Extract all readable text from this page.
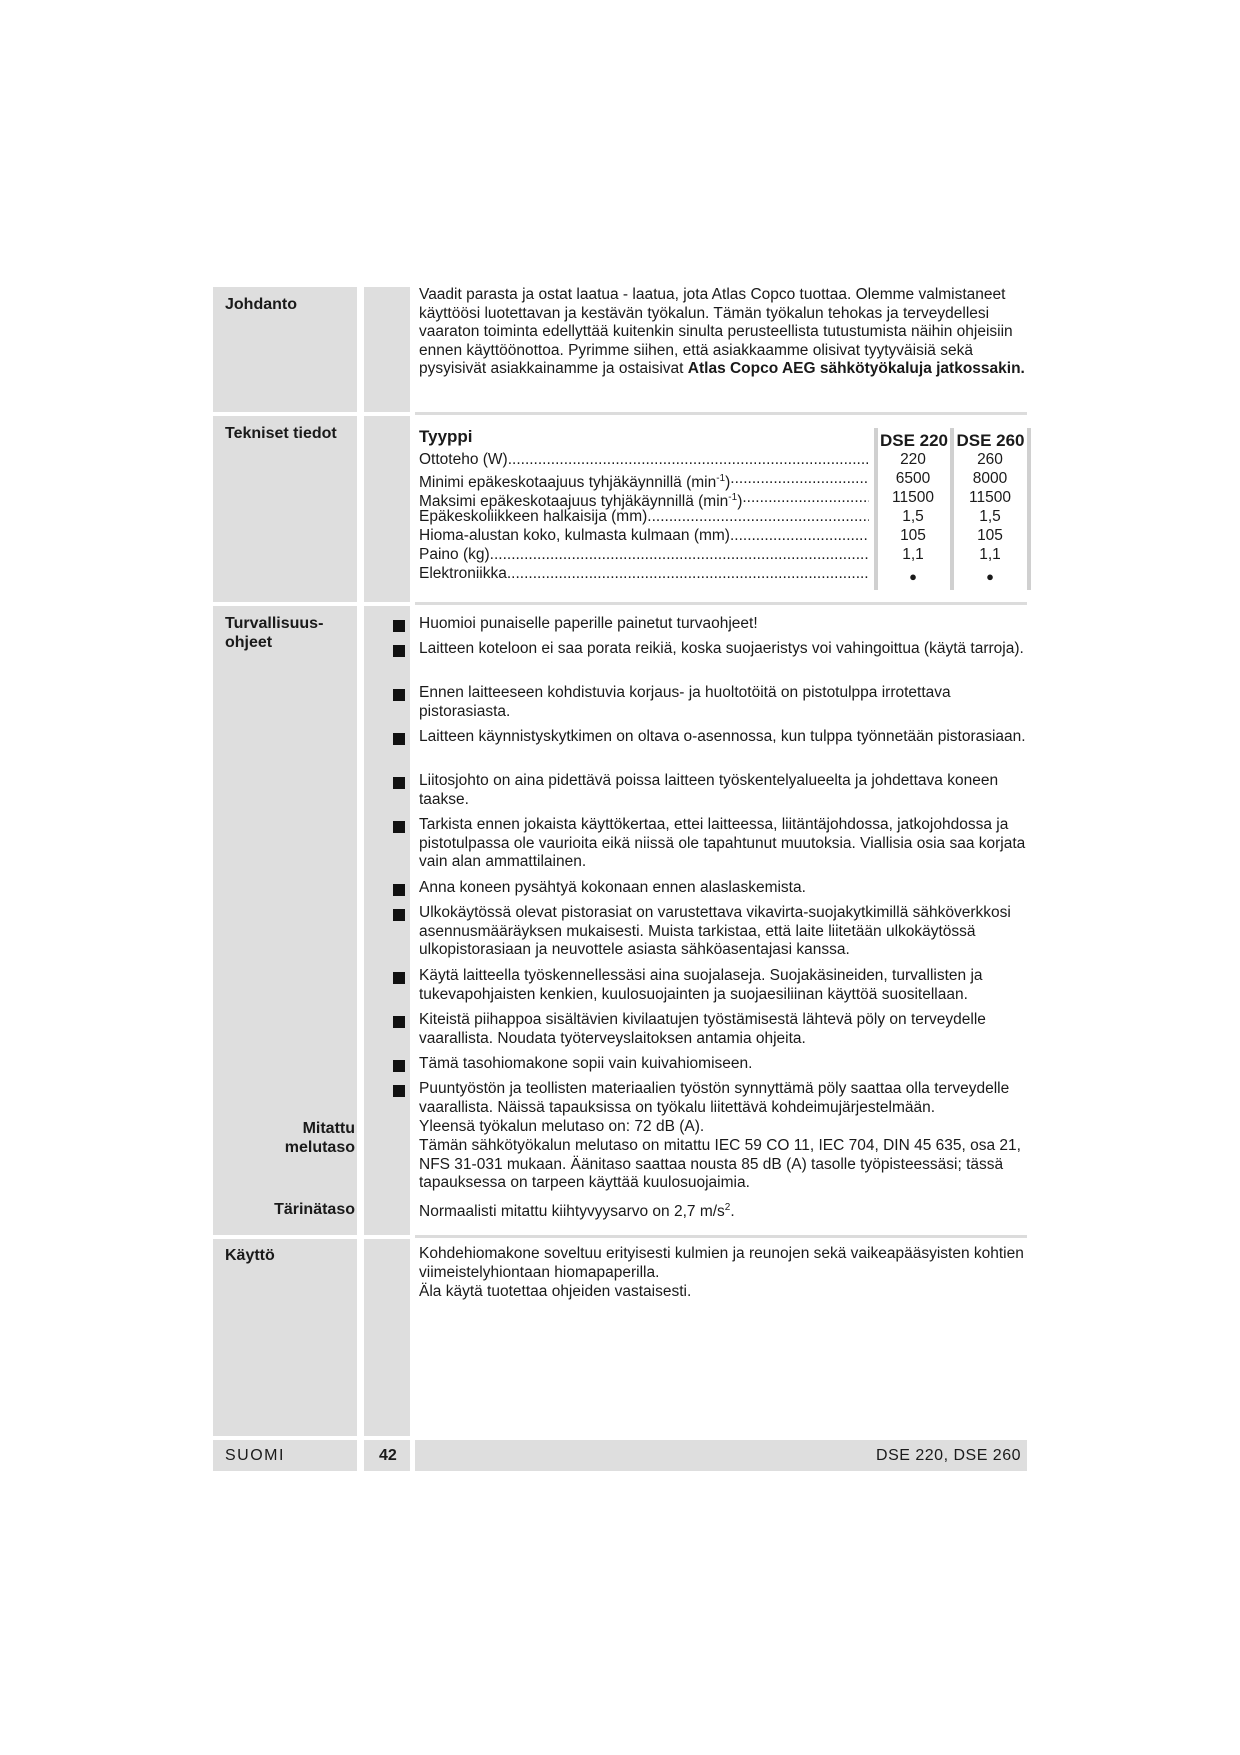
Johdanto
Vaadit parasta ja ostat laatua - laatua, jota Atlas Copco tuottaa. Olemme valmistaneet käyttöösi luotettavan ja kestävän työkalun. Tämän työkalun tehokas ja terveydellesi vaaraton toiminta edellyttää kuitenkin sinulta perusteellista tutustumista näihin ohjeisiin ennen käyttöönottoa. Pyrimme siihen, että asiakkaamme olisivat tyytyväisiä sekä pysyisivät asiakkainamme ja ostaisivat Atlas Copco AEG sähkötyökaluja jatkossakin.
Tekniset tiedot	Tyyppi	DSE 220 DSE 260
Ottoteho (W) .....	220	260
Minimi epäkeskotaajuus tyhjäkäynnillä $(\min^{-1})$ .....	6500	8000
Maksimi epäkeskotaajuus tyhjäkäynnillä $(\min^{-1})$ .....	11500	11500
Epäkeskoliikkeen halkaisija (mm) .....	1,5	1,5
Hioma-alustan koko, kulmasta kulmaan (mm) .....	105	105
Paino (kg) .....	1,1	1,1
Elektroniikka .....	●	●
Turvallisuus-
ohjeet
Huomioi punaiselle paperille painetut turvaohjeet!
Laitteen koteloon ei saa porata reikiä, koska suojaeristys voi vahingoittua (käytä tarroja).
Ennen laitteeseen kohdistuvia korjaus- ja huoltotöitä on pistotulppa irrotettava pistorasiasta.
Laitteen käynnistyskytkimen on oltava o-asennossa, kun tulppa työnnetään pistorasiaan.
Liitosjohto on aina pidettävä poissa laitteen työskentelyalueelta ja johdettava koneen taakse.
Tarkista ennen jokaista käyttökertaa, ettei laitteessa, liitäntäjohdossa, jatkojohdossa ja pistotulpassa ole vaurioita eikä niissä ole tapahtunut muutoksia. Viallisia osia saa korjata vain alan ammattilainen.
Anna koneen pysähtyä kokonaan ennen alaslaskemista.
Ulkokäytössä olevat pistorasiat on varustettava vikavirta-suojakytkimillä sähköverkkosi asennusmääräyksen mukaisesti. Muista tarkistaa, että laite liitetään ulkokäytössä ulkopistorasiaan ja neuvottele asiasta sähköasentajasi kanssa.
Käytä laitteella työskennellessäsi aina suojalaseja. Suojakäsineiden, turvallisten ja tukevapohjaisten kenkien, kuulosuojainten ja suojaesiliinan käyttöä suositellaan.
Kiteistä piihappoa sisältävien kivilaatujen työstämisestä lähtevä pöly on terveydelle vaarallista. Noudata työterveyslaitoksen antamia ohjeita.
Tämä tasohiomakone sopii vain kuivahiomiseen.
Puuntyöstön ja teollisten materiaalien työstön synnyttämä pöly saattaa olla terveydelle vaarallista. Näissä tapauksissa on työkalu liitettävä kohdeimujärjestelmään.
Mitattu
melutaso
Yleensä työkalun melutaso on: 72 dB (A).
Tämän sähkötyökalun melutaso on mitattu IEC 59 CO 11, IEC 704, DIN 45 635, osa 21, NFS 31-031 mukaan. Äänitaso saattaa nousta 85 dB (A) tasolle työpisteessäsi; tässä tapauksessa on tarpeen käyttää kuulosuojaimia.
Tärinätaso	Normaalisti mitattu kiihtyvyysarvo on 2,7 $m/s^2$.
Käyttö	Kohdehiomakone soveltuu erityisesti kulmien ja reunojen sekä vaikeapääsyisten kohtien viimeistelyhiontaan hiomapaperilla.
Äla käytä tuotettaa ohjeiden vastaisesti.
SUOMI	42	DSE 220, DSE 260
